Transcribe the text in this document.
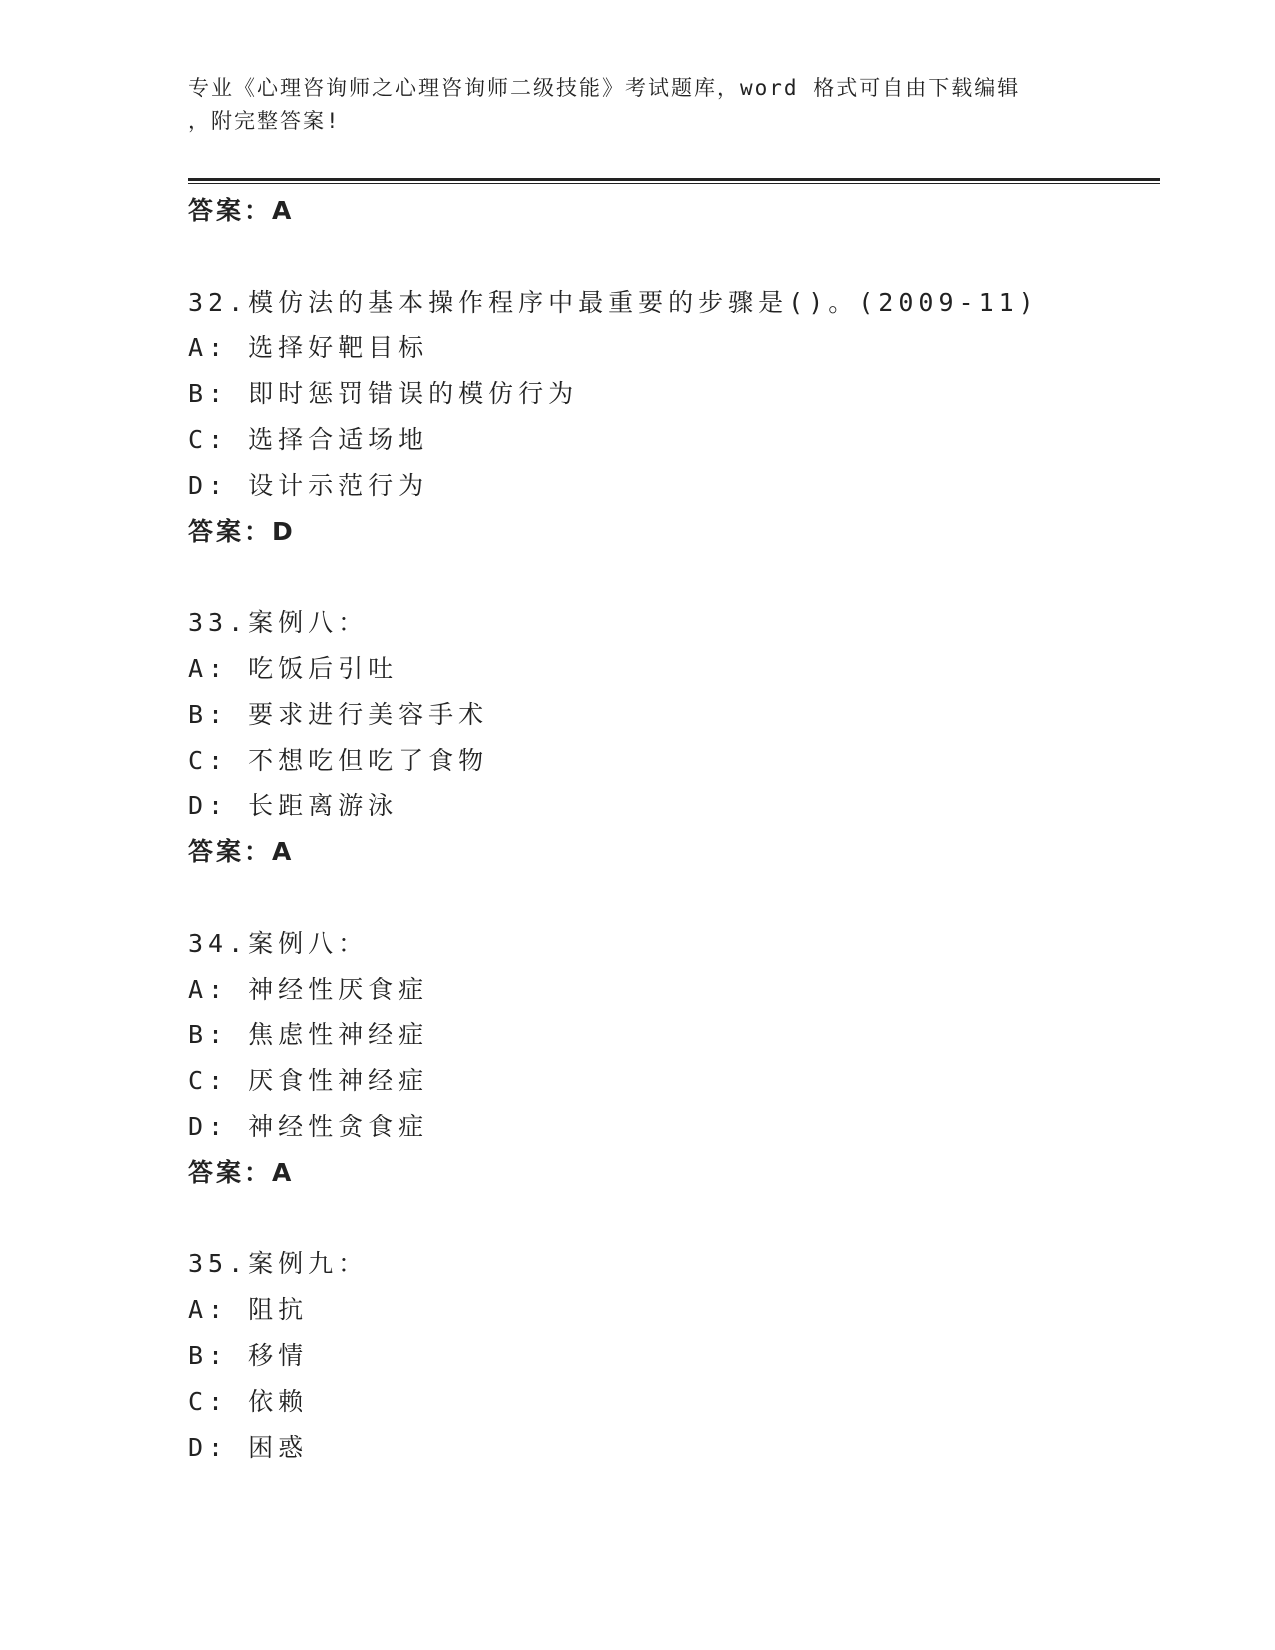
专业《心理咨询师之心理咨询师二级技能》考试题库，word 格式可自由下载编辑
，附完整答案!
答案：A
32.模仿法的基本操作程序中最重要的步骤是()。(2009-11)
A: 选择好靶目标
B: 即时惩罚错误的模仿行为
C: 选择合适场地
D: 设计示范行为
答案：D
33.案例八：
A: 吃饭后引吐
B: 要求进行美容手术
C: 不想吃但吃了食物
D: 长距离游泳
答案：A
34.案例八：
A: 神经性厌食症
B: 焦虑性神经症
C: 厌食性神经症
D: 神经性贪食症
答案：A
35.案例九：
A: 阻抗
B: 移情
C: 依赖
D: 困惑
